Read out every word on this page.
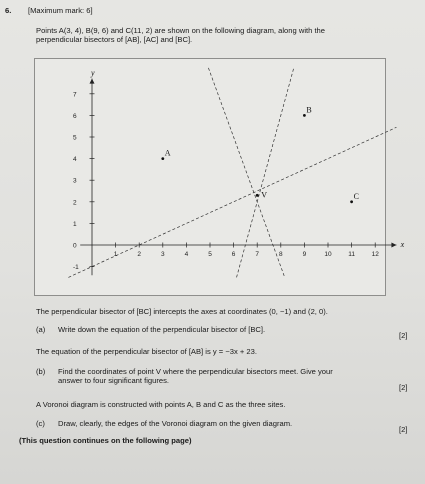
6. [Maximum mark: 6]
Points A(3, 4), B(9, 6) and C(11, 2) are shown on the following diagram, along with the
perpendicular bisectors of [AB], [AC] and [BC].
x
y
1	2	3	4	5	6	7	8	9	10	11	12
-1
1
2
3
4
5
6
7
0
A
B
C
V
The perpendicular bisector of [BC] intercepts the axes at coordinates (0, −1) and (2, 0).
(a) Write down the equation of the perpendicular bisector of [BC].
[2]
The equation of the perpendicular bisector of [AB] is y = −3x + 23.
(b) Find the coordinates of point V where the perpendicular bisectors meet. Give your
answer to four significant figures.
[2]
A Voronoi diagram is constructed with points A, B and C as the three sites.
(c) Draw, clearly, the edges of the Voronoi diagram on the given diagram.
[2]
(This question continues on the following page)
